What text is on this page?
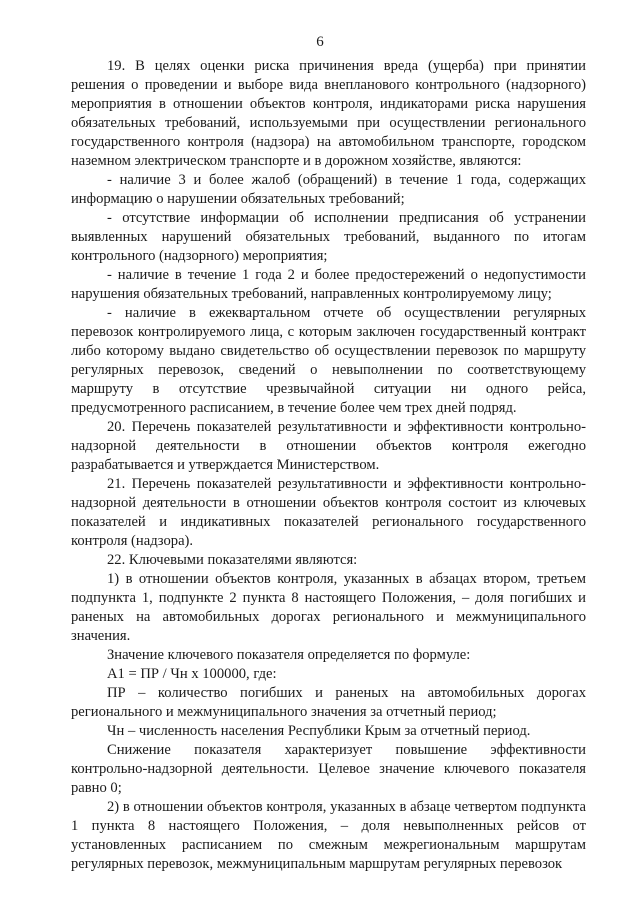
6

19. В целях оценки риска причинения вреда (ущерба) при принятии решения о проведении и выборе вида внепланового контрольного (надзорного) мероприятия в отношении объектов контроля, индикаторами риска нарушения обязательных требований, используемыми при осуществлении регионального государственного контроля (надзора) на автомобильном транспорте, городском наземном электрическом транспорте и в дорожном хозяйстве, являются:

- наличие 3 и более жалоб (обращений) в течение 1 года, содержащих информацию о нарушении обязательных требований;

- отсутствие информации об исполнении предписания об устранении выявленных нарушений обязательных требований, выданного по итогам контрольного (надзорного) мероприятия;

- наличие в течение 1 года 2 и более предостережений о недопустимости нарушения обязательных требований, направленных контролируемому лицу;

- наличие в ежеквартальном отчете об осуществлении регулярных перевозок контролируемого лица, с которым заключен государственный контракт либо которому выдано свидетельство об осуществлении перевозок по маршруту регулярных перевозок, сведений о невыполнении по соответствующему маршруту в отсутствие чрезвычайной ситуации ни одного рейса, предусмотренного расписанием, в течение более чем трех дней подряд.

20. Перечень показателей результативности и эффективности контрольно-надзорной деятельности в отношении объектов контроля ежегодно разрабатывается и утверждается Министерством.

21. Перечень показателей результативности и эффективности контрольно-надзорной деятельности в отношении объектов контроля состоит из ключевых показателей и индикативных показателей регионального государственного контроля (надзора).

22. Ключевыми показателями являются:

1) в отношении объектов контроля, указанных в абзацах втором, третьем подпункта 1, подпункте 2 пункта 8 настоящего Положения, – доля погибших и раненых на автомобильных дорогах регионального и межмуниципального значения.

Значение ключевого показателя определяется по формуле:

А1 = ПР / Чн х 100000, где:

ПР – количество погибших и раненых на автомобильных дорогах регионального и межмуниципального значения за отчетный период;

Чн – численность населения Республики Крым за отчетный период.

Снижение показателя характеризует повышение эффективности контрольно-надзорной деятельности. Целевое значение ключевого показателя равно 0;

2) в отношении объектов контроля, указанных в абзаце четвертом подпункта 1 пункта 8 настоящего Положения, – доля невыполненных рейсов от установленных расписанием по смежным межрегиональным маршрутам регулярных перевозок, межмуниципальным маршрутам регулярных перевозок
